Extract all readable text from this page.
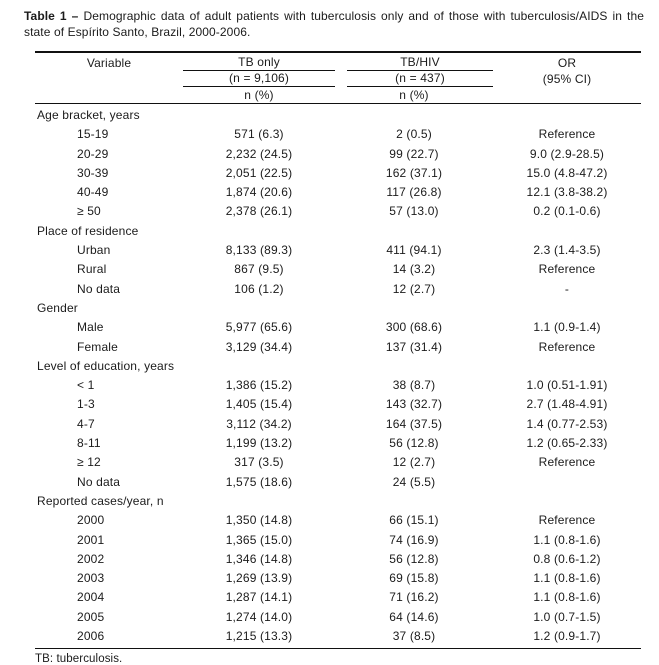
Table 1 – Demographic data of adult patients with tuberculosis only and of those with tuberculosis/AIDS in the state of Espírito Santo, Brazil, 2000-2006.
Variable	TB only	TB/HIV	OR
(n = 9,106)	(n = 437)	(95% CI)
n (%)	n (%)
Age bracket, years
15-19	571 (6.3)	2 (0.5)	Reference
20-29	2,232 (24.5)	99 (22.7)	9.0 (2.9-28.5)
30-39	2,051 (22.5)	162 (37.1)	15.0 (4.8-47.2)
40-49	1,874 (20.6)	117 (26.8)	12.1 (3.8-38.2)
≥ 50	2,378 (26.1)	57 (13.0)	0.2 (0.1-0.6)
Place of residence
Urban	8,133 (89.3)	411 (94.1)	2.3 (1.4-3.5)
Rural	867 (9.5)	14 (3.2)	Reference
No data	106 (1.2)	12 (2.7)	-
Gender
Male	5,977 (65.6)	300 (68.6)	1.1 (0.9-1.4)
Female	3,129 (34.4)	137 (31.4)	Reference
Level of education, years
< 1	1,386 (15.2)	38 (8.7)	1.0 (0.51-1.91)
1-3	1,405 (15.4)	143 (32.7)	2.7 (1.48-4.91)
4-7	3,112 (34.2)	164 (37.5)	1.4 (0.77-2.53)
8-11	1,199 (13.2)	56 (12.8)	1.2 (0.65-2.33)
≥ 12	317 (3.5)	12 (2.7)	Reference
No data	1,575 (18.6)	24 (5.5)
Reported cases/year, n
2000	1,350 (14.8)	66 (15.1)	Reference
2001	1,365 (15.0)	74 (16.9)	1.1 (0.8-1.6)
2002	1,346 (14.8)	56 (12.8)	0.8 (0.6-1.2)
2003	1,269 (13.9)	69 (15.8)	1.1 (0.8-1.6)
2004	1,287 (14.1)	71 (16.2)	1.1 (0.8-1.6)
2005	1,274 (14.0)	64 (14.6)	1.0 (0.7-1.5)
2006	1,215 (13.3)	37 (8.5)	1.2 (0.9-1.7)
TB: tuberculosis.
